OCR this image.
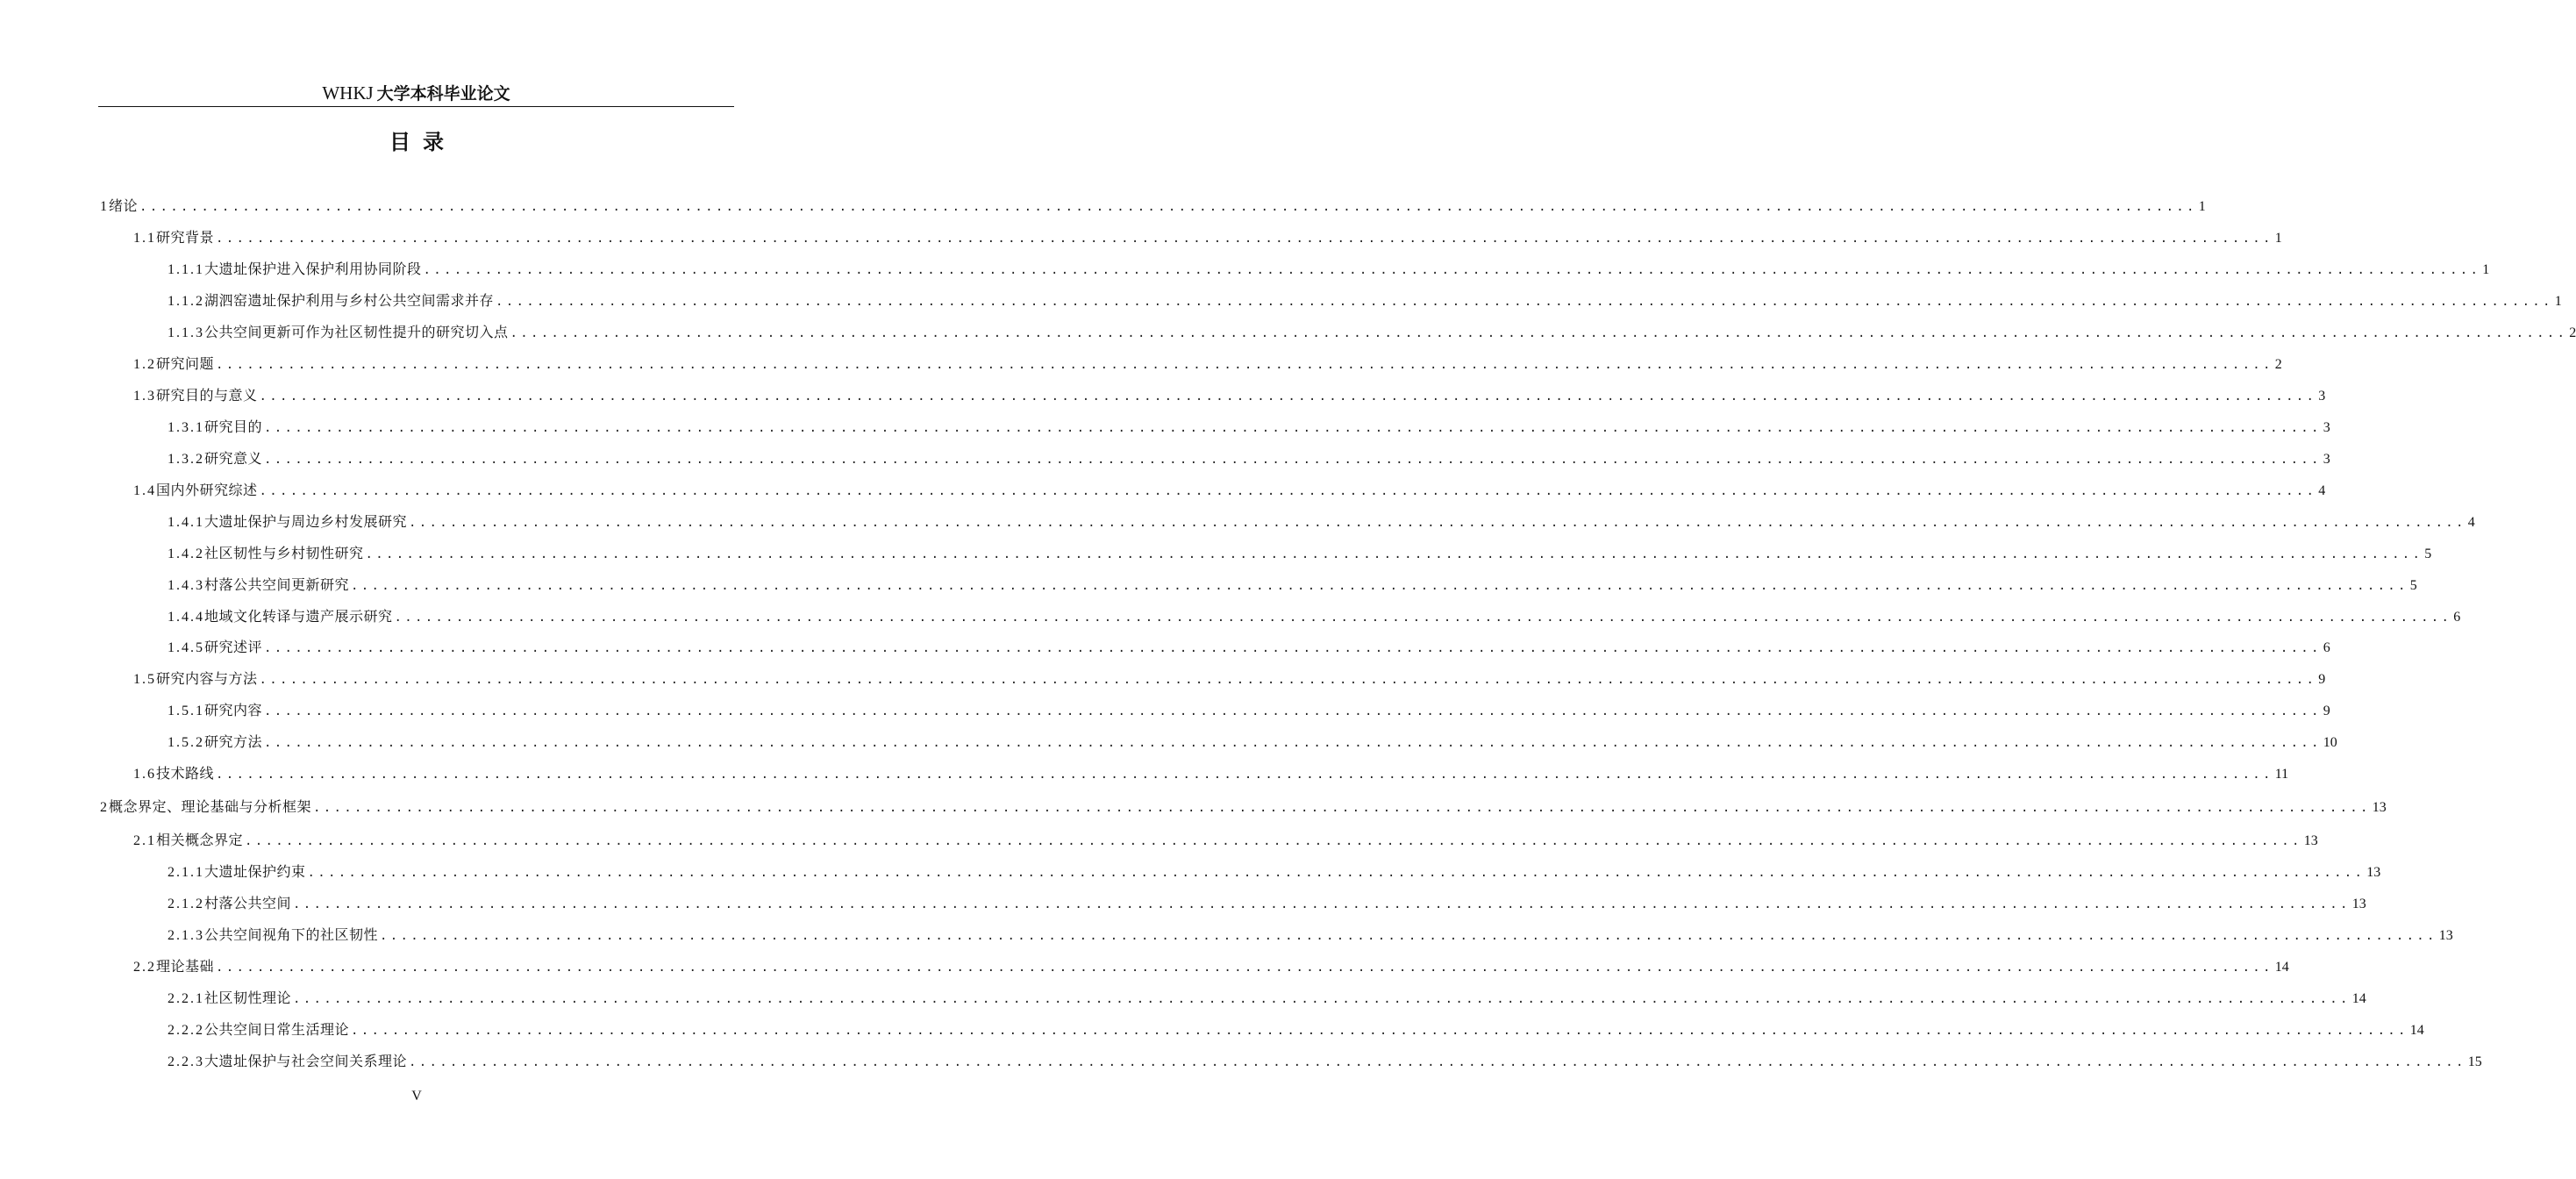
WHKJ 大学本科毕业论文
目录
1 绪论 ........................................................................................................................................................................................................ 1
1.1 研究背景 ........................................................................................................................................................................................................ 1
1.1.1 大遗址保护进入保护利用协同阶段 ........................................................................................................................................................................................................ 1
1.1.2 湖泗窑遗址保护利用与乡村公共空间需求并存 ........................................................................................................................................................................................................ 1
1.1.3 公共空间更新可作为社区韧性提升的研究切入点 ........................................................................................................................................................................................................ 2
1.2 研究问题 ........................................................................................................................................................................................................ 2
1.3 研究目的与意义 ........................................................................................................................................................................................................ 3
1.3.1 研究目的 ........................................................................................................................................................................................................ 3
1.3.2 研究意义 ........................................................................................................................................................................................................ 3
1.4 国内外研究综述 ........................................................................................................................................................................................................ 4
1.4.1 大遗址保护与周边乡村发展研究 ........................................................................................................................................................................................................ 4
1.4.2 社区韧性与乡村韧性研究 ........................................................................................................................................................................................................ 5
1.4.3 村落公共空间更新研究 ........................................................................................................................................................................................................ 5
1.4.4 地域文化转译与遗产展示研究 ........................................................................................................................................................................................................ 6
1.4.5 研究述评 ........................................................................................................................................................................................................ 6
1.5 研究内容与方法 ........................................................................................................................................................................................................ 9
1.5.1 研究内容 ........................................................................................................................................................................................................ 9
1.5.2 研究方法 ........................................................................................................................................................................................................ 10
1.6 技术路线 ........................................................................................................................................................................................................ 11
2 概念界定、理论基础与分析框架 ........................................................................................................................................................................................................ 13
2.1 相关概念界定 ........................................................................................................................................................................................................ 13
2.1.1 大遗址保护约束 ........................................................................................................................................................................................................ 13
2.1.2 村落公共空间 ........................................................................................................................................................................................................ 13
2.1.3 公共空间视角下的社区韧性 ........................................................................................................................................................................................................ 13
2.2 理论基础 ........................................................................................................................................................................................................ 14
2.2.1 社区韧性理论 ........................................................................................................................................................................................................ 14
2.2.2 公共空间日常生活理论 ........................................................................................................................................................................................................ 14
2.2.3 大遗址保护与社会空间关系理论 ........................................................................................................................................................................................................ 15
V
